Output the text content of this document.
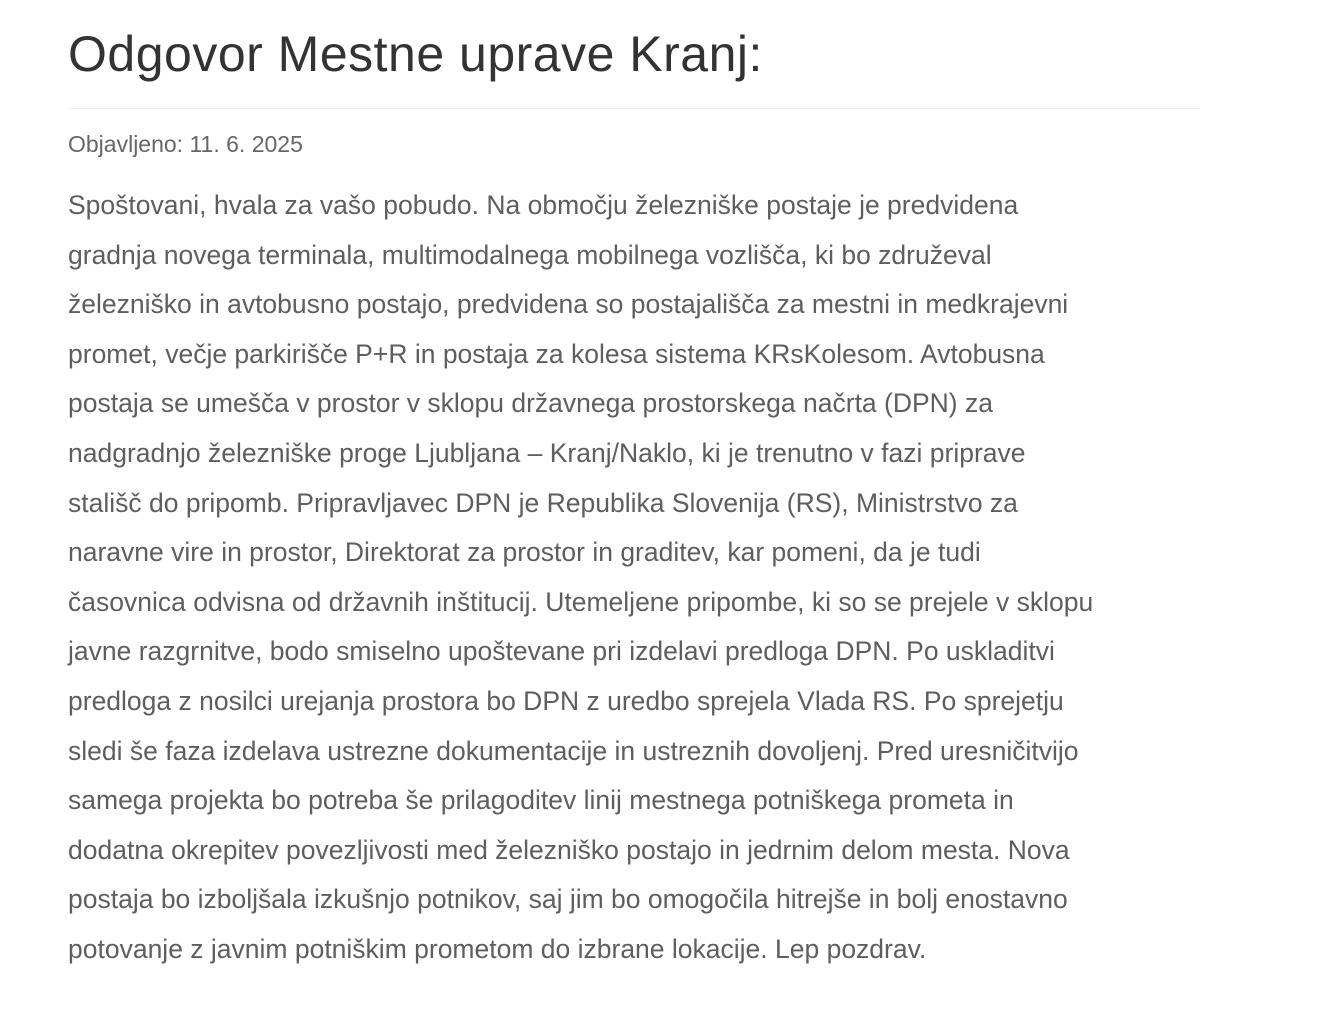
Odgovor Mestne uprave Kranj:
Objavljeno: 11. 6. 2025
Spoštovani, hvala za vašo pobudo. Na območju železniške postaje je predvidena
gradnja novega terminala, multimodalnega mobilnega vozlišča, ki bo združeval
železniško in avtobusno postajo, predvidena so postajališča za mestni in medkrajevni
promet, večje parkirišče P+R in postaja za kolesa sistema KRsKolesom. Avtobusna
postaja se umešča v prostor v sklopu državnega prostorskega načrta (DPN) za
nadgradnjo železniške proge Ljubljana – Kranj/Naklo, ki je trenutno v fazi priprave
stališč do pripomb. Pripravljavec DPN je Republika Slovenija (RS), Ministrstvo za
naravne vire in prostor, Direktorat za prostor in graditev, kar pomeni, da je tudi
časovnica odvisna od državnih inštitucij. Utemeljene pripombe, ki so se prejele v sklopu
javne razgrnitve, bodo smiselno upoštevane pri izdelavi predloga DPN. Po uskladitvi
predloga z nosilci urejanja prostora bo DPN z uredbo sprejela Vlada RS. Po sprejetju
sledi še faza izdelava ustrezne dokumentacije in ustreznih dovoljenj. Pred uresničitvijo
samega projekta bo potreba še prilagoditev linij mestnega potniškega prometa in
dodatna okrepitev povezljivosti med železniško postajo in jedrnim delom mesta. Nova
postaja bo izboljšala izkušnjo potnikov, saj jim bo omogočila hitrejše in bolj enostavno
potovanje z javnim potniškim prometom do izbrane lokacije. Lep pozdrav.
